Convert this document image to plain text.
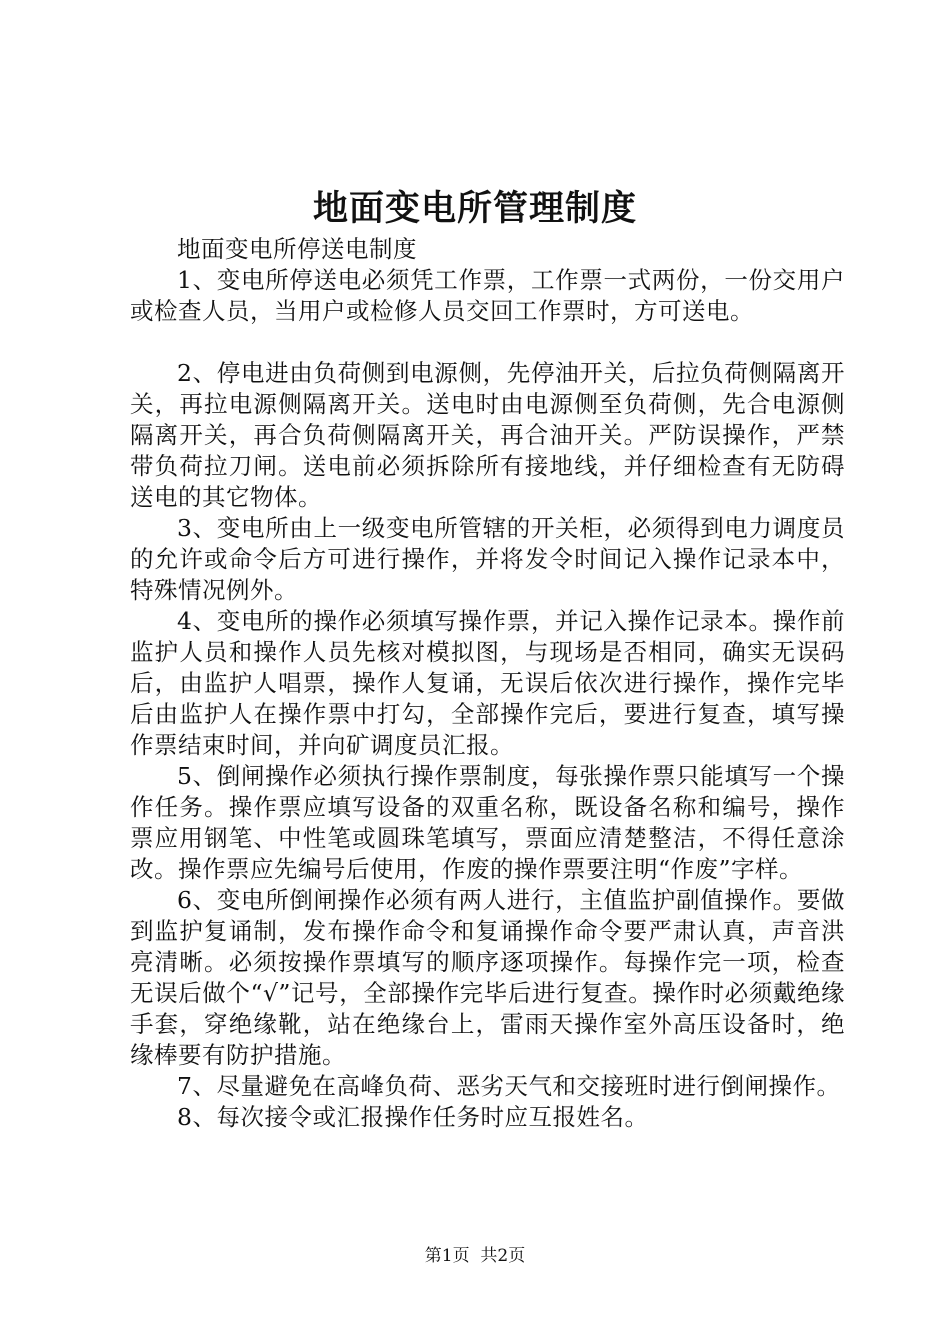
地面变电所管理制度

地面变电所停送电制度

1、变电所停送电必须凭工作票，工作票一式两份，一份交用户或检查人员，当用户或检修人员交回工作票时，方可送电。

2、停电进由负荷侧到电源侧，先停油开关，后拉负荷侧隔离开关，再拉电源侧隔离开关。送电时由电源侧至负荷侧，先合电源侧隔离开关，再合负荷侧隔离开关，再合油开关。严防误操作，严禁带负荷拉刀闸。送电前必须拆除所有接地线，并仔细检查有无防碍送电的其它物体。

3、变电所由上一级变电所管辖的开关柜，必须得到电力调度员的允许或命令后方可进行操作，并将发令时间记入操作记录本中，特殊情况例外。

4、变电所的操作必须填写操作票，并记入操作记录本。操作前监护人员和操作人员先核对模拟图，与现场是否相同，确实无误码后，由监护人唱票，操作人复诵，无误后依次进行操作，操作完毕后由监护人在操作票中打勾，全部操作完后，要进行复查，填写操作票结束时间，并向矿调度员汇报。

5、倒闸操作必须执行操作票制度，每张操作票只能填写一个操作任务。操作票应填写设备的双重名称，既设备名称和编号，操作票应用钢笔、中性笔或圆珠笔填写，票面应清楚整洁，不得任意涂改。操作票应先编号后使用，作废的操作票要注明“作废”字样。

6、变电所倒闸操作必须有两人进行，主值监护副值操作。要做到监护复诵制，发布操作命令和复诵操作命令要严肃认真，声音洪亮清晰。必须按操作票填写的顺序逐项操作。每操作完一项，检查无误后做个“√”记号，全部操作完毕后进行复查。操作时必须戴绝缘手套，穿绝缘靴，站在绝缘台上，雷雨天操作室外高压设备时，绝缘棒要有防护措施。

7、尽量避免在高峰负荷、恶劣天气和交接班时进行倒闸操作。

8、每次接令或汇报操作任务时应互报姓名。

第1页 共2页
